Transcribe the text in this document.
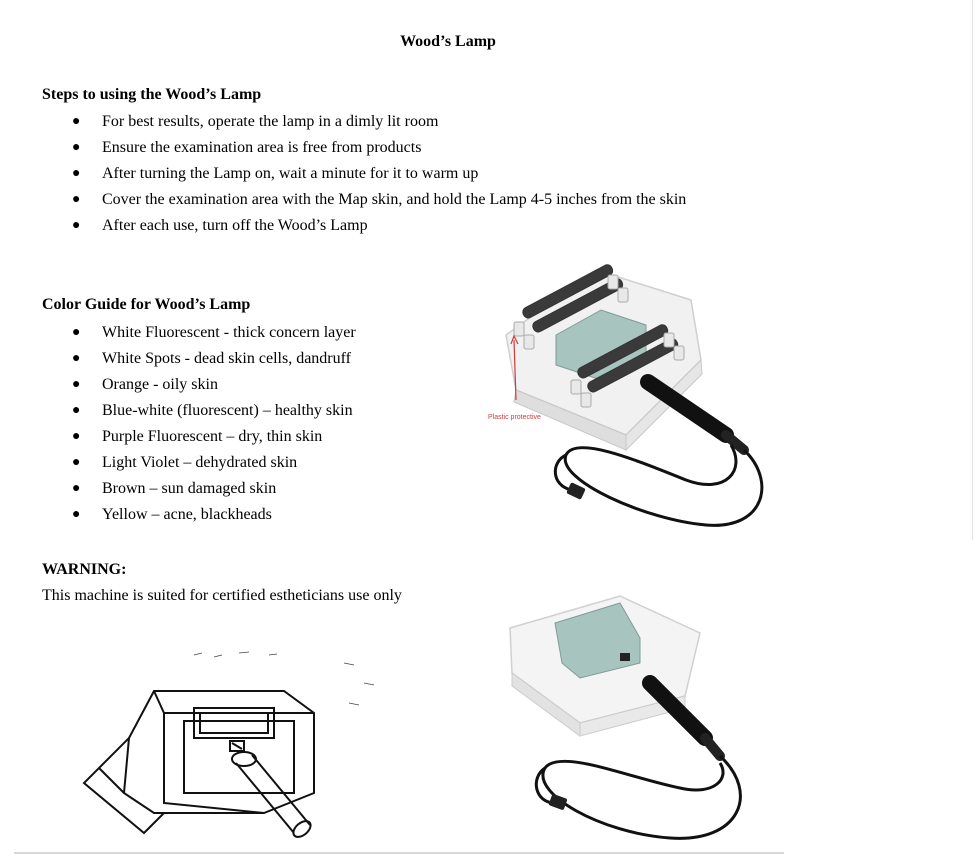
Wood’s Lamp
Steps to using the Wood’s Lamp
● For best results, operate the lamp in a dimly lit room
● Ensure the examination area is free from products
● After turning the Lamp on, wait a minute for it to warm up
● Cover the examination area with the Map skin, and hold the Lamp 4-5 inches from the skin
● After each use, turn off the Wood’s Lamp
Color Guide for Wood’s Lamp
● White Fluorescent - thick concern layer
● White Spots - dead skin cells, dandruff
● Orange - oily skin
● Blue-white (fluorescent) – healthy skin
● Purple Fluorescent – dry, thin skin
● Light Violet – dehydrated skin
● Brown – sun damaged skin
● Yellow – acne, blackheads
WARNING:
This machine is suited for certified estheticians use only
Plastic protective
